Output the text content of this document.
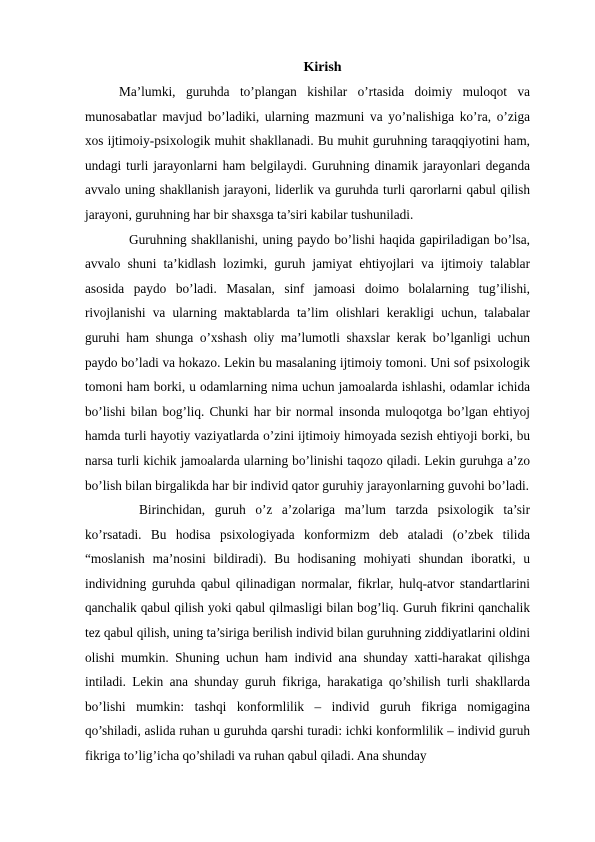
Kirish

Ma’lumki, guruhda to’plangan kishilar o’rtasida doimiy muloqot va munosabatlar mavjud bo’ladiki, ularning mazmuni va yo’nalishiga ko’ra, o’ziga xos ijtimoiy-psixologik muhit shakllanadi. Bu muhit guruhning taraqqiyotini ham, undagi turli jarayonlarni ham belgilaydi. Guruhning dinamik jarayonlari deganda avvalo uning shakllanish jarayoni, liderlik va guruhda turli qarorlarni qabul qilish jarayoni, guruhning har bir shaxsga ta’siri kabilar tushuniladi.

Guruhning shakllanishi, uning paydo bo’lishi haqida gapiriladigan bo’lsa, avvalo shuni ta’kidlash lozimki, guruh jamiyat ehtiyojlari va ijtimoiy talablar asosida paydo bo’ladi. Masalan, sinf jamoasi doimo bolalarning tug’ilishi, rivojlanishi va ularning maktablarda ta’lim olishlari kerakligi uchun, talabalar guruhi ham shunga o’xshash oliy ma’lumotli shaxslar kerak bo’lganligi uchun paydo bo’ladi va hokazo. Lekin bu masalaning ijtimoiy tomoni. Uni sof psixologik tomoni ham borki, u odamlarning nima uchun jamoalarda ishlashi, odamlar ichida bo’lishi bilan bog’liq. Chunki har bir normal insonda muloqotga bo’lgan ehtiyoj hamda turli hayotiy vaziyatlarda o’zini ijtimoiy himoyada sezish ehtiyoji borki, bu narsa turli kichik jamoalarda ularning bo’linishi taqozo qiladi. Lekin guruhga a’zo bo’lish bilan birgalikda har bir individ qator guruhiy jarayonlarning guvohi bo’ladi.

Birinchidan, guruh o’z a’zolariga ma’lum tarzda psixologik ta’sir ko’rsatadi. Bu hodisa psixologiyada konformizm deb ataladi (o’zbek tilida “moslanish ma’nosini bildiradi). Bu hodisaning mohiyati shundan iboratki, u individning guruhda qabul qilinadigan normalar, fikrlar, hulq-atvor standartlarini qanchalik qabul qilish yoki qabul qilmasligi bilan bog’liq. Guruh fikrini qanchalik tez qabul qilish, uning ta’siriga berilish individ bilan guruhning ziddiyatlarini oldini olishi mumkin. Shuning uchun ham individ ana shunday xatti-harakat qilishga intiladi. Lekin ana shunday guruh fikriga, harakatiga qo’shilish turli shakllarda bo’lishi mumkin: tashqi konformlilik – individ guruh fikriga nomigagina qo’shiladi, aslida ruhan u guruhda qarshi turadi: ichki konformlilik – individ guruh fikriga to’lig’icha qo’shiladi va ruhan qabul qiladi. Ana shunday
